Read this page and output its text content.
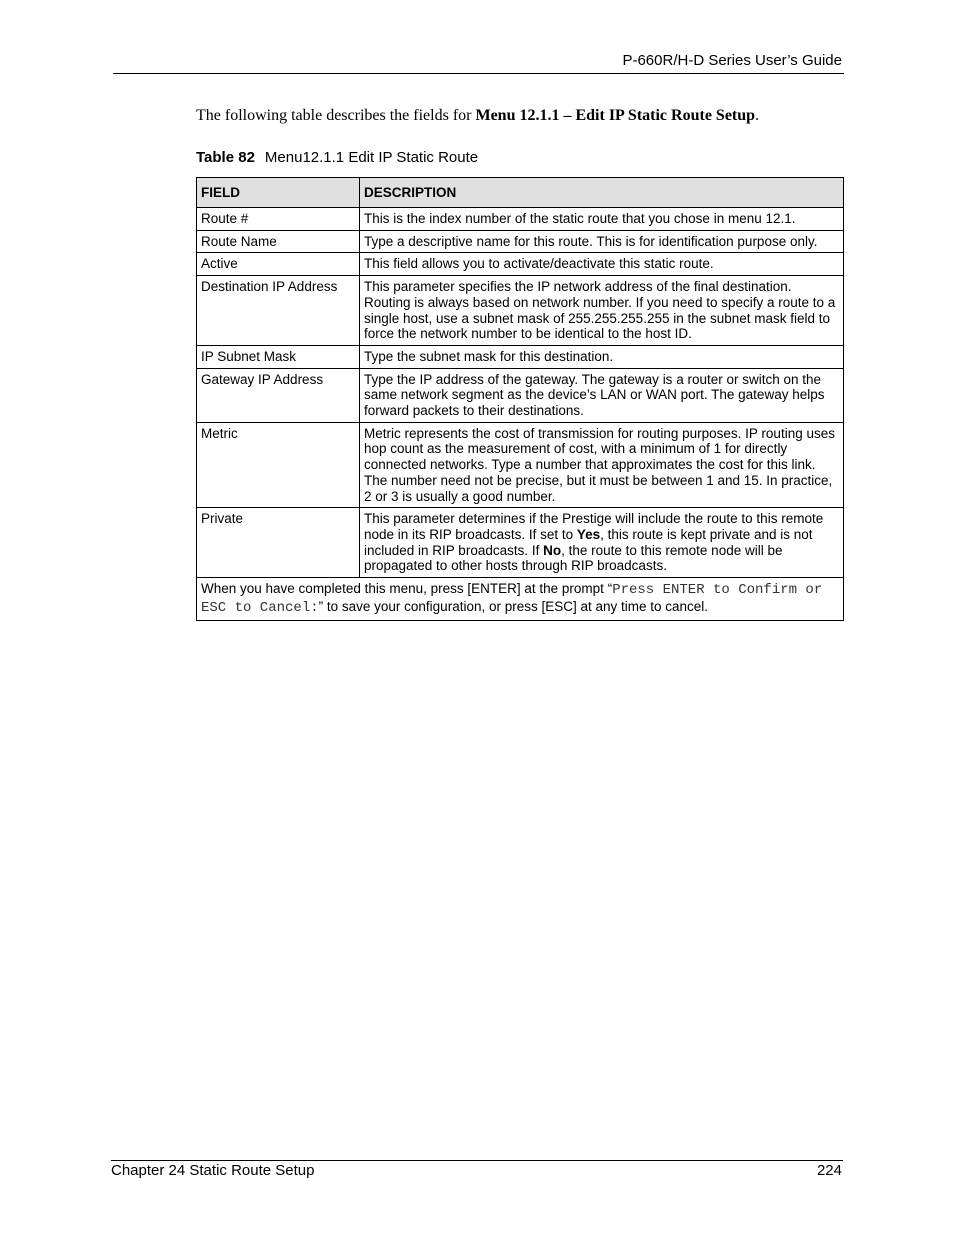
P-660R/H-D Series User’s Guide
The following table describes the fields for Menu 12.1.1 – Edit IP Static Route Setup.
Table 82 Menu12.1.1 Edit IP Static Route
FIELD	DESCRIPTION
Route #	This is the index number of the static route that you chose in menu 12.1.
Route Name	Type a descriptive name for this route. This is for identification purpose only.
Active	This field allows you to activate/deactivate this static route.
Destination IP Address	This parameter specifies the IP network address of the final destination. Routing is always based on network number. If you need to specify a route to a single host, use a subnet mask of 255.255.255.255 in the subnet mask field to force the network number to be identical to the host ID.
IP Subnet Mask	Type the subnet mask for this destination.
Gateway IP Address	Type the IP address of the gateway. The gateway is a router or switch on the same network segment as the device’s LAN or WAN port. The gateway helps forward packets to their destinations.
Metric	Metric represents the cost of transmission for routing purposes. IP routing uses hop count as the measurement of cost, with a minimum of 1 for directly connected networks. Type a number that approximates the cost for this link. The number need not be precise, but it must be between 1 and 15. In practice, 2 or 3 is usually a good number.
Private	This parameter determines if the Prestige will include the route to this remote node in its RIP broadcasts. If set to Yes, this route is kept private and is not included in RIP broadcasts. If No, the route to this remote node will be propagated to other hosts through RIP broadcasts.
When you have completed this menu, press [ENTER] at the prompt “Press ENTER to Confirm or ESC to Cancel:” to save your configuration, or press [ESC] at any time to cancel.	
Chapter 24 Static Route Setup	224
